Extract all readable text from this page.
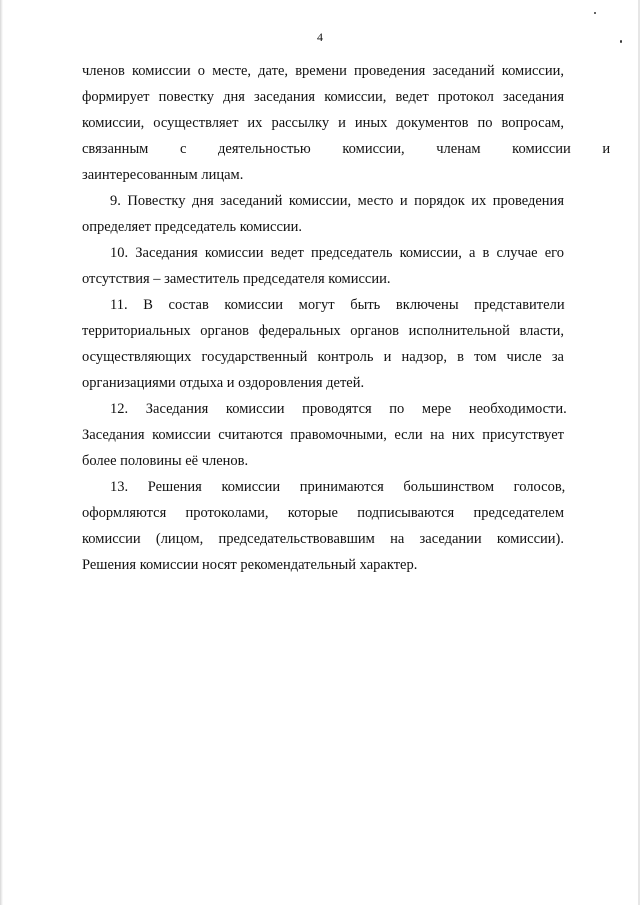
4
членов комиссии о месте, дате, времени проведения заседаний комиссии,
формирует повестку дня заседания комиссии, ведет протокол заседания
комиссии, осуществляет их рассылку и иных документов по вопросам,
связанным с деятельностью комиссии, членам комиссии и
заинтересованным лицам.
9. Повестку дня заседаний комиссии, место и порядок их проведения
определяет председатель комиссии.
10. Заседания комиссии ведет председатель комиссии, а в случае его
отсутствия – заместитель председателя комиссии.
11. В состав комиссии могут быть включены представители
территориальных органов федеральных органов исполнительной власти,
осуществляющих государственный контроль и надзор, в том числе за
организациями отдыха и оздоровления детей.
12. Заседания комиссии проводятся по мере необходимости.
Заседания комиссии считаются правомочными, если на них присутствует
более половины её членов.
13. Решения комиссии принимаются большинством голосов,
оформляются протоколами, которые подписываются председателем
комиссии (лицом, председательствовавшим на заседании комиссии).
Решения комиссии носят рекомендательный характер.
